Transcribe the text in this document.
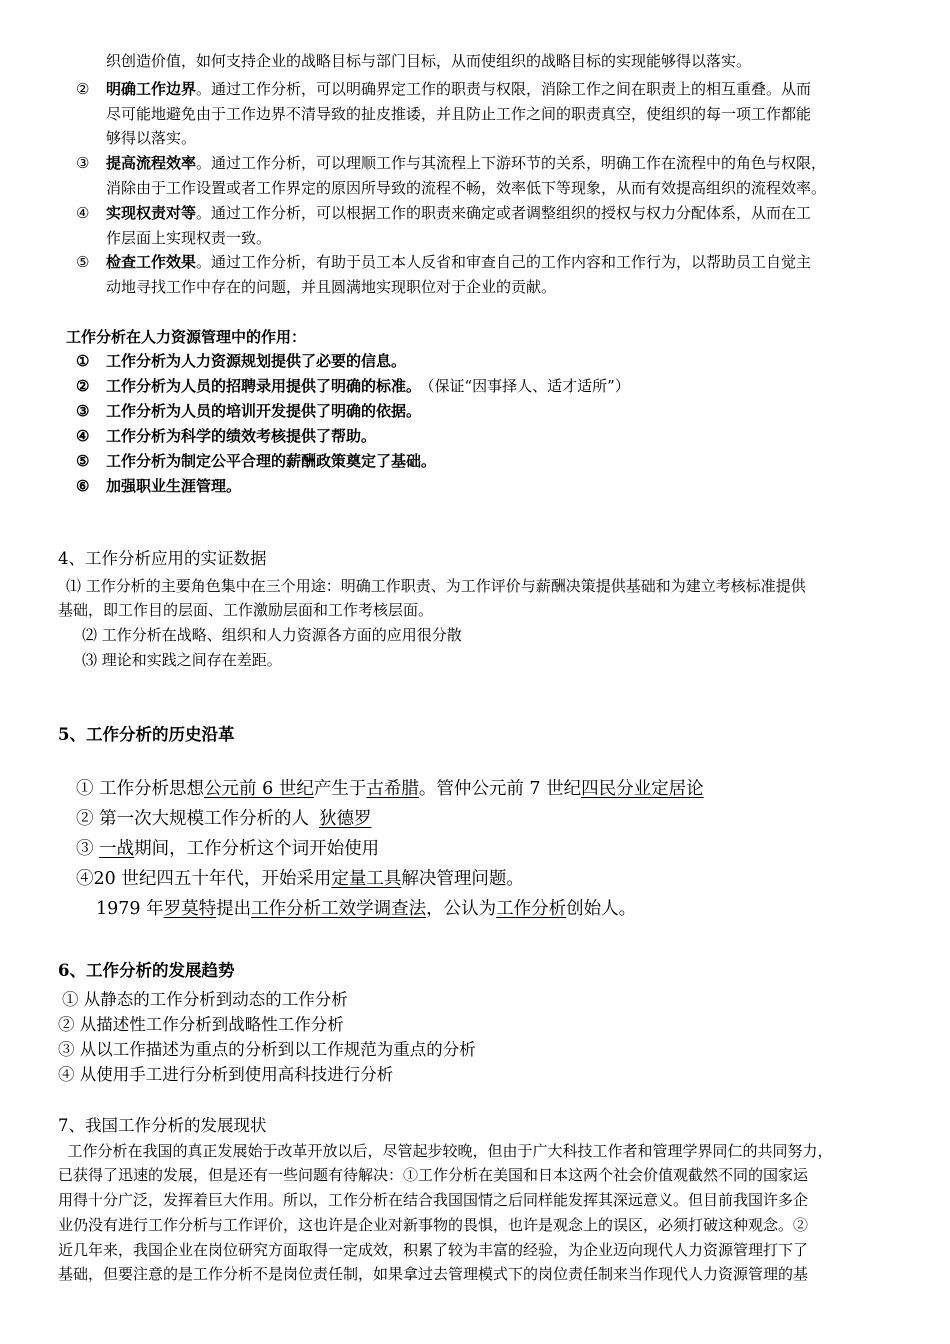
织创造价值，如何支持企业的战略目标与部门目标，从而使组织的战略目标的实现能够得以落实。
② 明确工作边界。通过工作分析，可以明确界定工作的职责与权限，消除工作之间在职责上的相互重叠。从而
尽可能地避免由于工作边界不清导致的扯皮推诿，并且防止工作之间的职责真空，使组织的每一项工作都能
够得以落实。
③ 提高流程效率。通过工作分析，可以理顺工作与其流程上下游环节的关系，明确工作在流程中的角色与权限，
消除由于工作设置或者工作界定的原因所导致的流程不畅，效率低下等现象，从而有效提高组织的流程效率。
④ 实现权责对等。通过工作分析，可以根据工作的职责来确定或者调整组织的授权与权力分配体系，从而在工
作层面上实现权责一致。
⑤ 检查工作效果。通过工作分析，有助于员工本人反省和审查自己的工作内容和工作行为，以帮助员工自觉主
动地寻找工作中存在的问题，并且圆满地实现职位对于企业的贡献。
工作分析在人力资源管理中的作用：
① 工作分析为人力资源规划提供了必要的信息。
② 工作分析为人员的招聘录用提供了明确的标准。 （保证“因事择人、适才适所”）
③ 工作分析为人员的培训开发提供了明确的依据。
④ 工作分析为科学的绩效考核提供了帮助。
⑤ 工作分析为制定公平合理的薪酬政策奠定了基础。
⑥ 加强职业生涯管理。
4、工作分析应用的实证数据
⑴ 工作分析的主要角色集中在三个用途：明确工作职责、为工作评价与薪酬决策提供基础和为建立考核标准提供
基础，即工作目的层面、工作激励层面和工作考核层面。
⑵ 工作分析在战略、组织和人力资源各方面的应用很分散
⑶ 理论和实践之间存在差距。
5、工作分析的历史沿革
① 工作分析思想公元前 6 世纪产生于古希腊。管仲公元前 7 世纪四民分业定居论
② 第一次大规模工作分析的人 狄德罗
③ 一战期间，工作分析这个词开始使用
④20 世纪四五十年代，开始采用定量工具解决管理问题。
1979 年罗莫特提出工作分析工效学调查法，公认为工作分析创始人。
6、工作分析的发展趋势
① 从静态的工作分析到动态的工作分析
② 从描述性工作分析到战略性工作分析
③ 从以工作描述为重点的分析到以工作规范为重点的分析
④ 从使用手工进行分析到使用高科技进行分析
7、我国工作分析的发展现状
工作分析在我国的真正发展始于改革开放以后，尽管起步较晚，但由于广大科技工作者和管理学界同仁的共同努力，
已获得了迅速的发展，但是还有一些问题有待解决：①工作分析在美国和日本这两个社会价值观截然不同的国家运
用得十分广泛，发挥着巨大作用。所以，工作分析在结合我国国情之后同样能发挥其深远意义。但目前我国许多企
业仍没有进行工作分析与工作评价，这也许是企业对新事物的畏惧，也许是观念上的误区，必须打破这种观念。②
近几年来，我国企业在岗位研究方面取得一定成效，积累了较为丰富的经验，为企业迈向现代人力资源管理打下了
基础，但要注意的是工作分析不是岗位责任制，如果拿过去管理模式下的岗位责任制来当作现代人力资源管理的基
